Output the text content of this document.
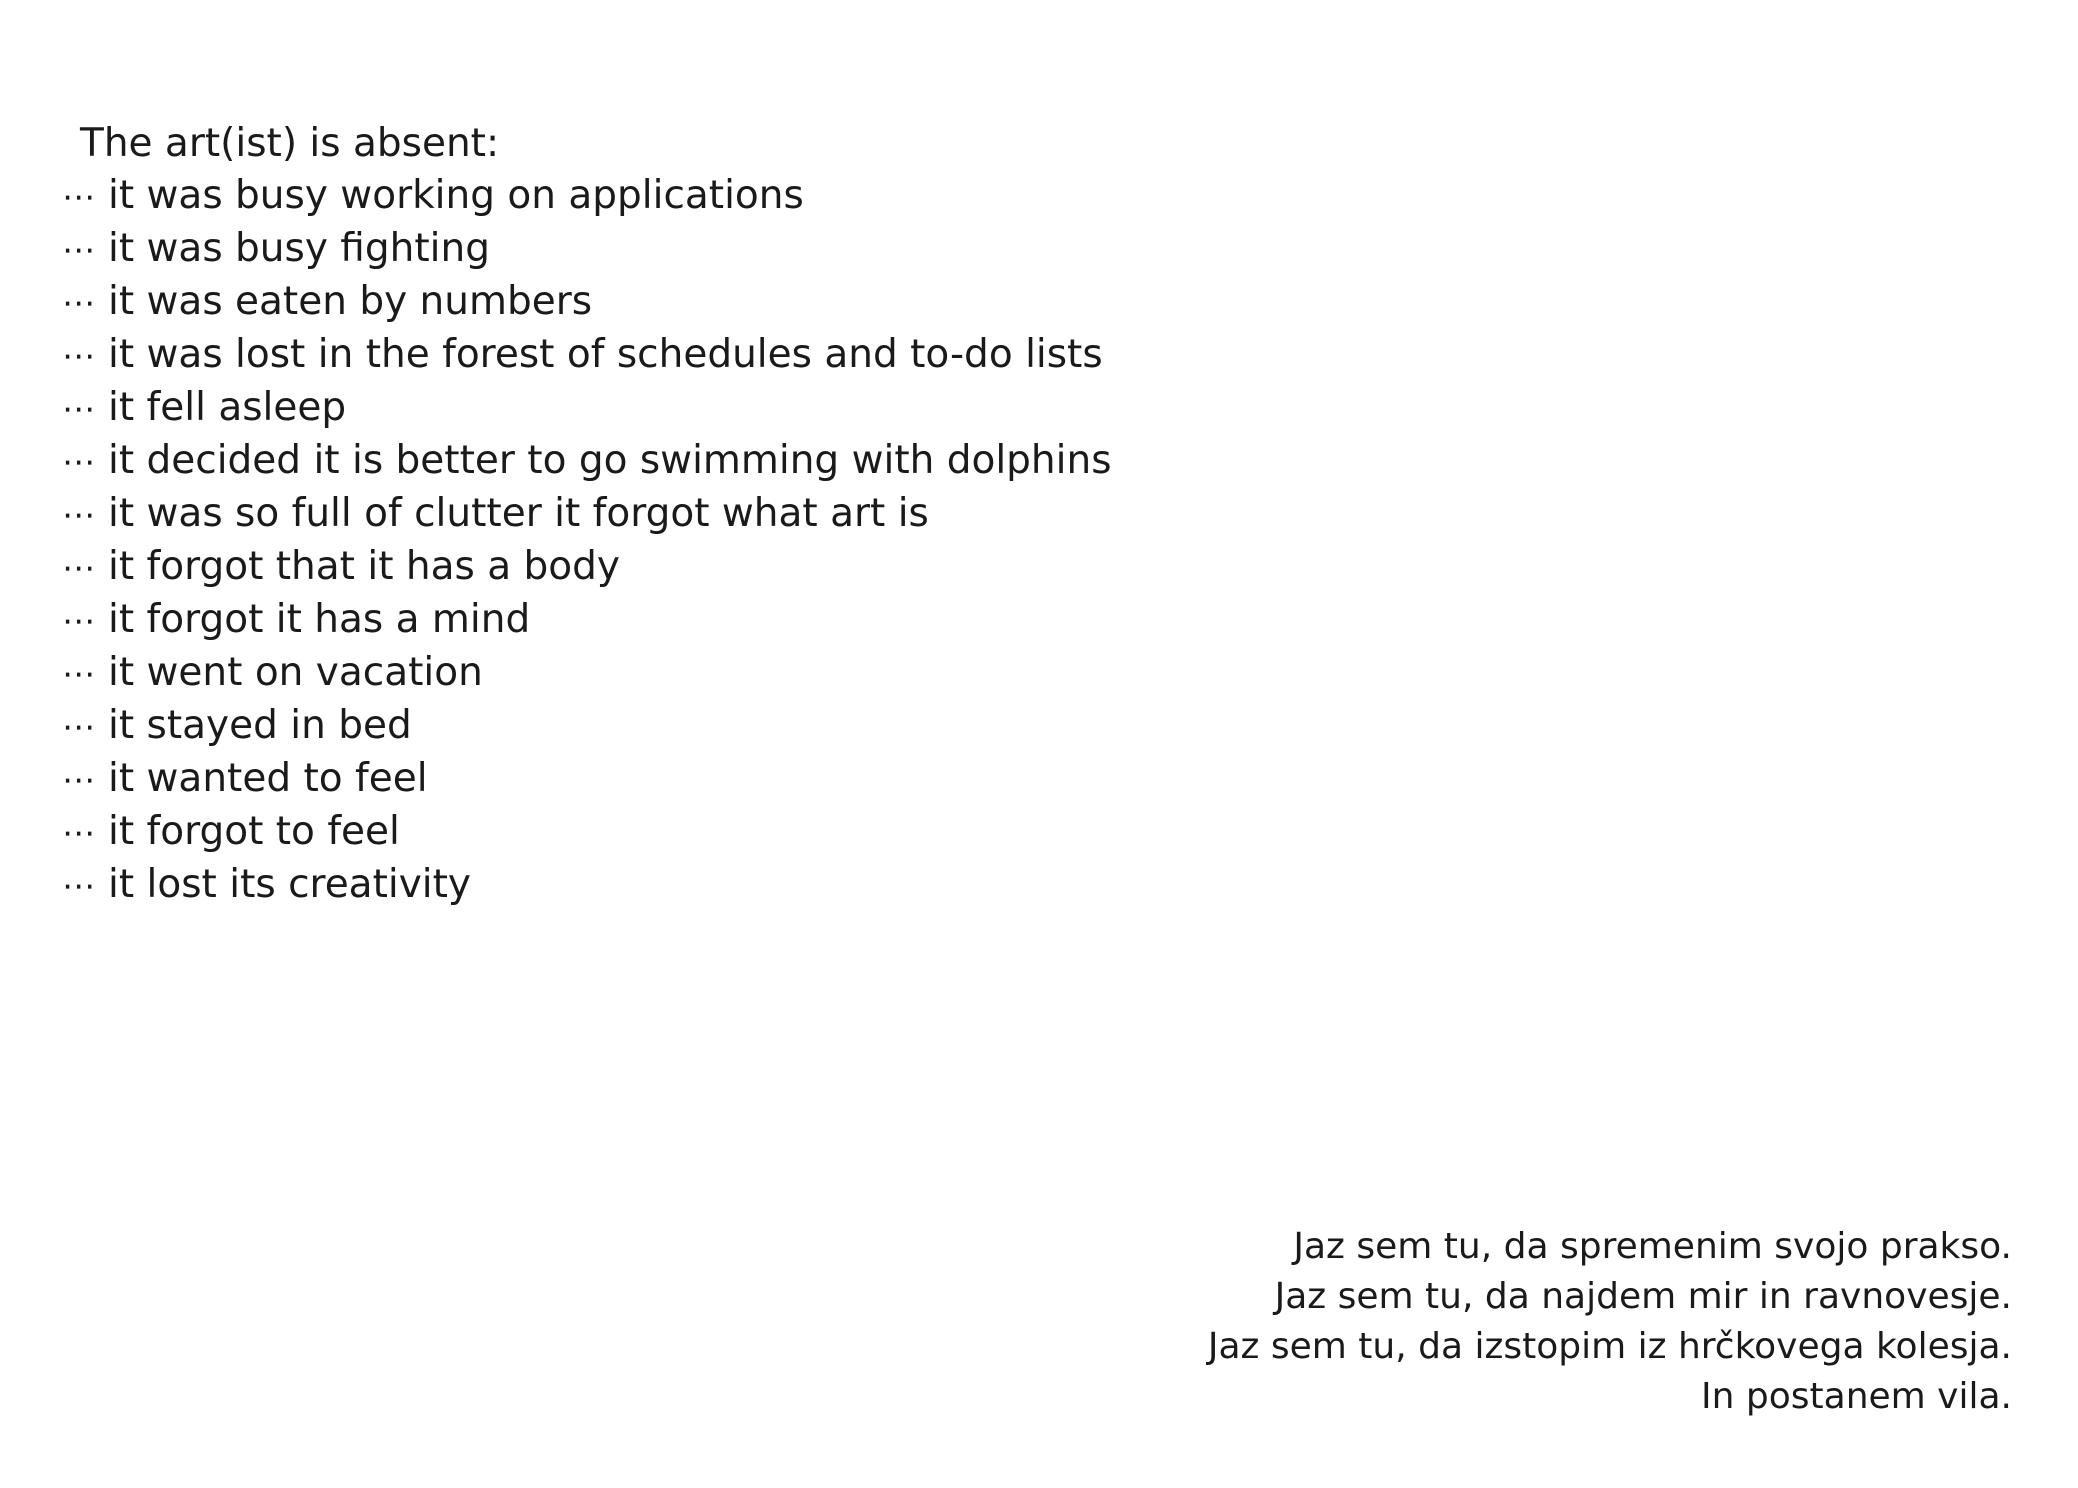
The art(ist) is absent:
⋯ it was busy working on applications
⋯ it was busy fighting
⋯ it was eaten by numbers
⋯ it was lost in the forest of schedules and to-do lists
⋯ it fell asleep
⋯ it decided it is better to go swimming with dolphins
⋯ it was so full of clutter it forgot what art is
⋯ it forgot that it has a body
⋯ it forgot it has a mind
⋯ it went on vacation
⋯ it stayed in bed
⋯ it wanted to feel
⋯ it forgot to feel
⋯ it lost its creativity
Jaz sem tu, da spremenim svojo prakso.
Jaz sem tu, da najdem mir in ravnovesje.
Jaz sem tu, da izstopim iz hrčkovega kolesja.
In postanem vila.
